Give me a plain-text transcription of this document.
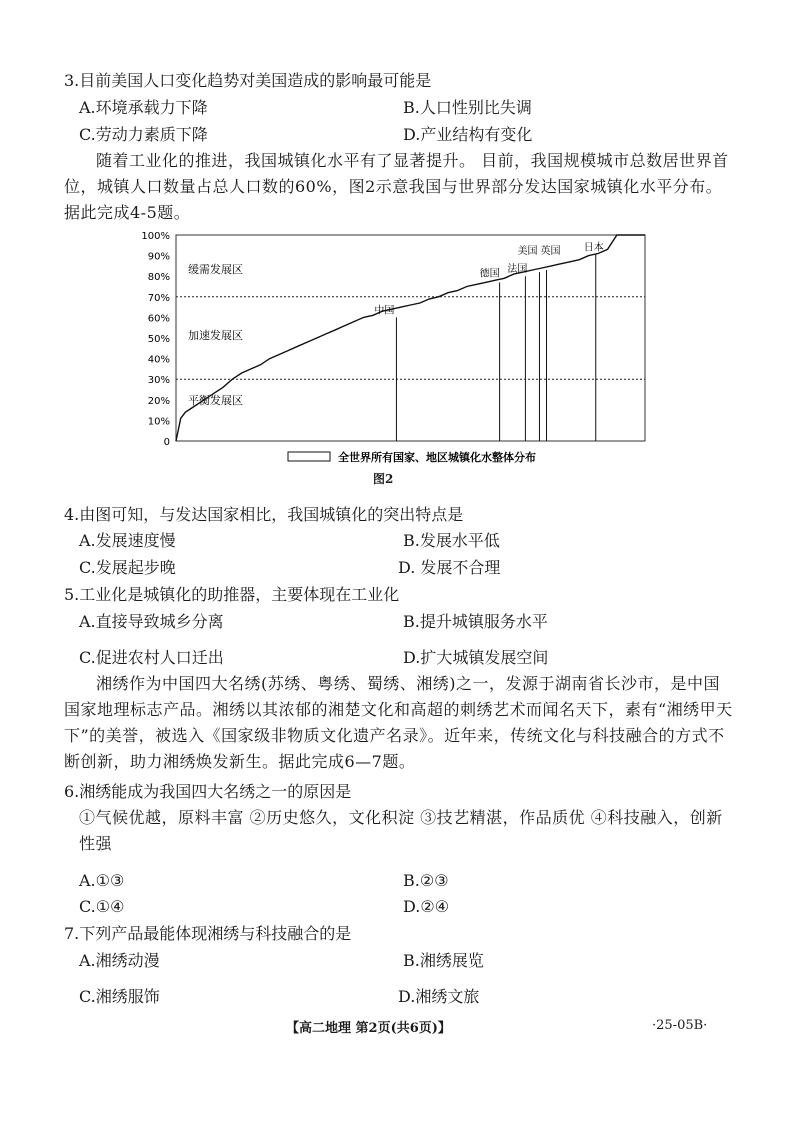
3.目前美国人口变化趋势对美国造成的影响最可能是
A.环境承载力下降	B.人口性别比失调
C.劳动力素质下降	D.产业结构有变化
随着工业化的推进，我国城镇化水平有了显著提升。 目前，我国规模城市总数居世界首位，城镇人口数量占总人口数的60%，图2示意我国与世界部分发达国家城镇化水平分布。据此完成4-5题。
0
10%
20%
30%
40%
50%
60%
70%
80%
90%
100%
缓需发展区
加速发展区
平衡发展区
中国
德国 法国
美国 英国 日本
全世界所有国家、地区城镇化水整体分布
图2
4.由图可知，与发达国家相比，我国城镇化的突出特点是
A.发展速度慢	B.发展水平低
C.发展起步晚	D. 发展不合理
5.工业化是城镇化的助推器，主要体现在工业化
A.直接导致城乡分离	B.提升城镇服务水平
C.促进农村人口迁出	D.扩大城镇发展空间
湘绣作为中国四大名绣(苏绣、粤绣、蜀绣、湘绣)之一，发源于湖南省长沙市，是中国国家地理标志产品。湘绣以其浓郁的湘楚文化和高超的刺绣艺术而闻名天下，素有“湘绣甲天下”的美誉，被选入《国家级非物质文化遗产名录》。近年来，传统文化与科技融合的方式不断创新，助力湘绣焕发新生。据此完成6—7题。
6.湘绣能成为我国四大名绣之一的原因是
①气候优越，原料丰富 ②历史悠久，文化积淀 ③技艺精湛，作品质优 ④科技融入，创新性强
A.①③	B.②③
C.①④	D.②④
7.下列产品最能体现湘绣与科技融合的是
A.湘绣动漫	B.湘绣展览
C.湘绣服饰	D.湘绣文旅
【高二地理 第2页(共6页)】	·25-05B·
